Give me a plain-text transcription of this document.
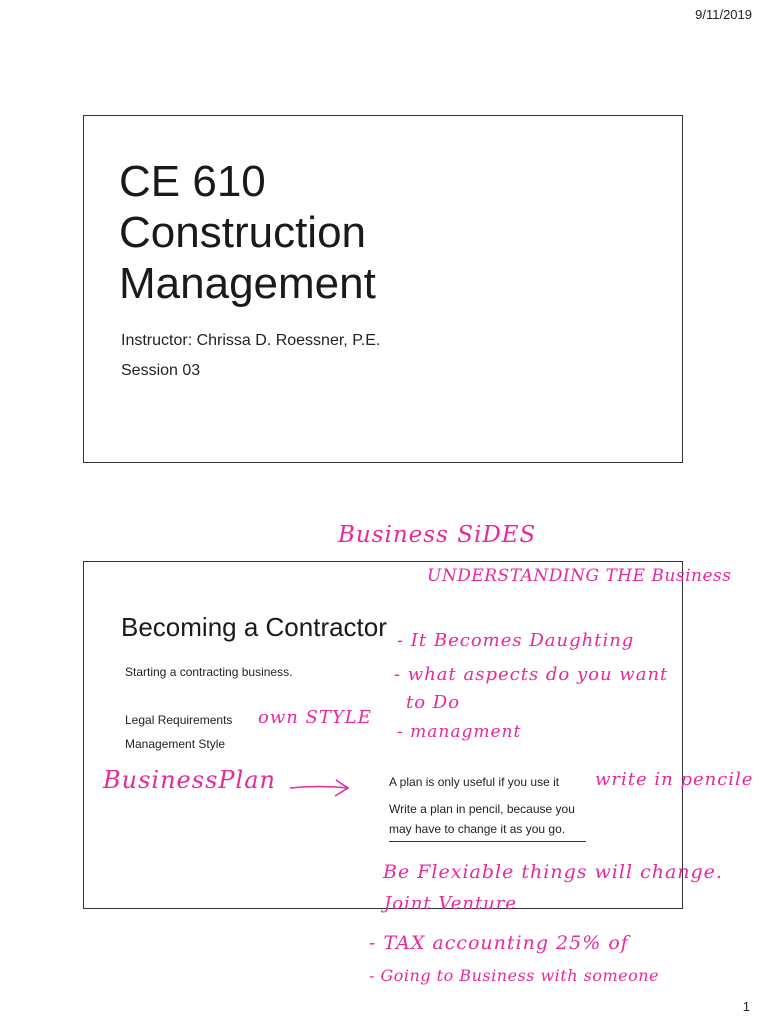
9/11/2019
CE 610
Construction
Management
Instructor: Chrissa D. Roessner, P.E.
Session 03
Becoming a Contractor
Starting a contracting business.
Legal Requirements
Management Style
A plan is only useful if you use it
Write a plan in pencil, because you
may have to change it as you go.
Business SiDES
UNDERSTANDING THE Business
- It Becomes Daughting
- what aspects do you want
to Do
own STYLE
- managment
BusinessPlan	write in pencile
Be Flexiable things will change.
Joint Venture
- TAX accounting 25% of
- Going to Business with someone
1
